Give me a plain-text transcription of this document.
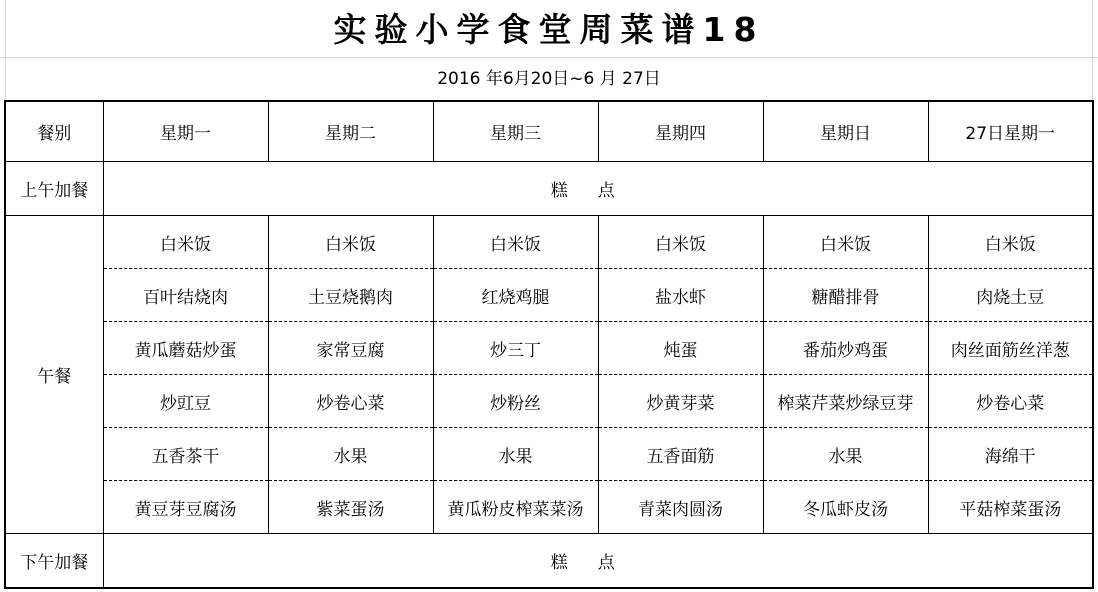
实验小学食堂周菜谱18
2016 年6月20日~6 月 27日
餐别	星期一	星期二	星期三	星期四	星期日	27日星期一
上午加餐	糕点					
午餐	白米饭	白米饭	白米饭	白米饭	白米饭	白米饭
	百叶结烧肉	土豆烧鹅肉	红烧鸡腿	盐水虾	糖醋排骨	肉烧土豆
	黄瓜蘑菇炒蛋	家常豆腐	炒三丁	炖蛋	番茄炒鸡蛋	肉丝面筋丝洋葱
	炒豇豆	炒卷心菜	炒粉丝	炒黄芽菜	榨菜芹菜炒绿豆芽	炒卷心菜
	五香茶干	水果	水果	五香面筋	水果	海绵干
	黄豆芽豆腐汤	紫菜蛋汤	黄瓜粉皮榨菜菜汤	青菜肉圆汤	冬瓜虾皮汤	平菇榨菜蛋汤
下午加餐	糕点					
